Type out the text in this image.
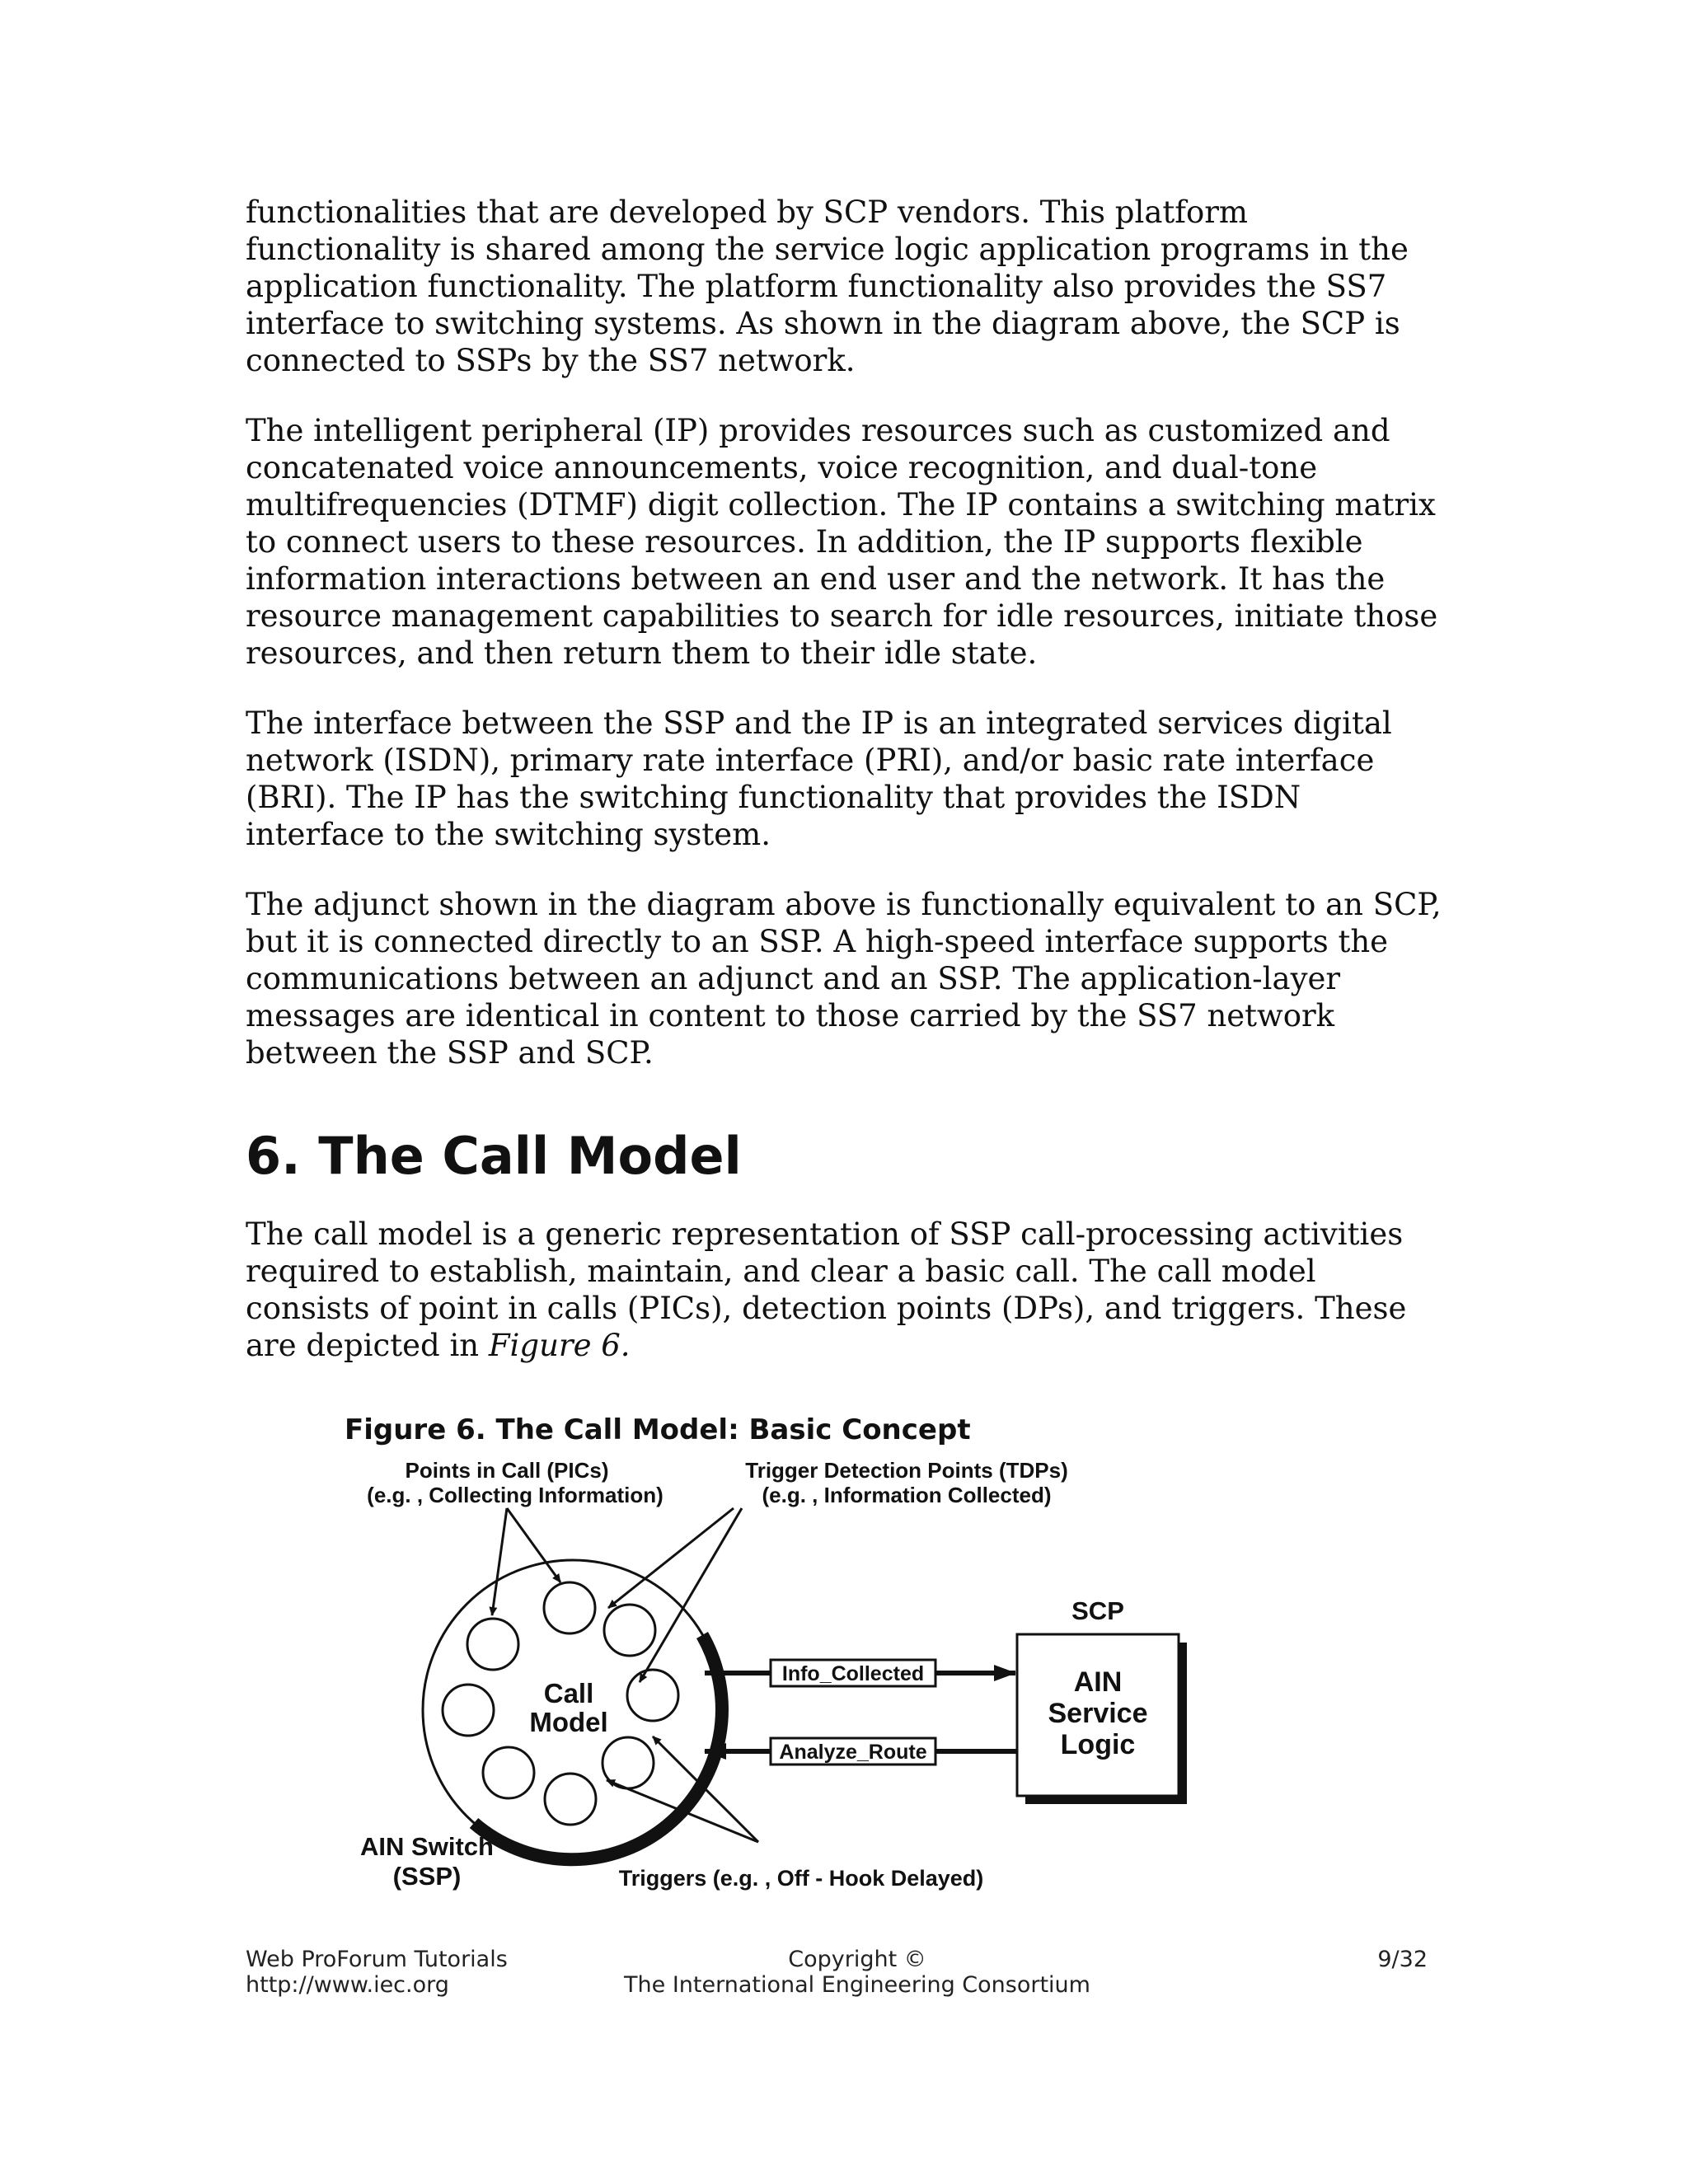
functionalities that are developed by SCP vendors. This platform functionality is shared among the service logic application programs in the application functionality. The platform functionality also provides the SS7 interface to switching systems. As shown in the diagram above, the SCP is connected to SSPs by the SS7 network.

The intelligent peripheral (IP) provides resources such as customized and concatenated voice announcements, voice recognition, and dual-tone multifrequencies (DTMF) digit collection. The IP contains a switching matrix to connect users to these resources. In addition, the IP supports flexible information interactions between an end user and the network. It has the resource management capabilities to search for idle resources, initiate those resources, and then return them to their idle state.

The interface between the SSP and the IP is an integrated services digital network (ISDN), primary rate interface (PRI), and/or basic rate interface (BRI). The IP has the switching functionality that provides the ISDN interface to the switching system.

The adjunct shown in the diagram above is functionally equivalent to an SCP, but it is connected directly to an SSP. A high-speed interface supports the communications between an adjunct and an SSP. The application-layer messages are identical in content to those carried by the SS7 network between the SSP and SCP.

6. The Call Model

The call model is a generic representation of SSP call-processing activities required to establish, maintain, and clear a basic call. The call model consists of point in calls (PICs), detection points (DPs), and triggers. These are depicted in Figure 6.

Figure 6. The Call Model: Basic Concept

Points in Call (PICs)
(e.g. , Collecting Information)
Trigger Detection Points (TDPs)
(e.g. , Information Collected)
Call
Model
SCP
AIN
Service
Logic
Info_Collected
Analyze_Route
AIN Switch
(SSP)	Triggers (e.g. , Off - Hook Delayed)
Web ProForum Tutorials
http://www.iec.org
Copyright ©
The International Engineering Consortium
9/32
